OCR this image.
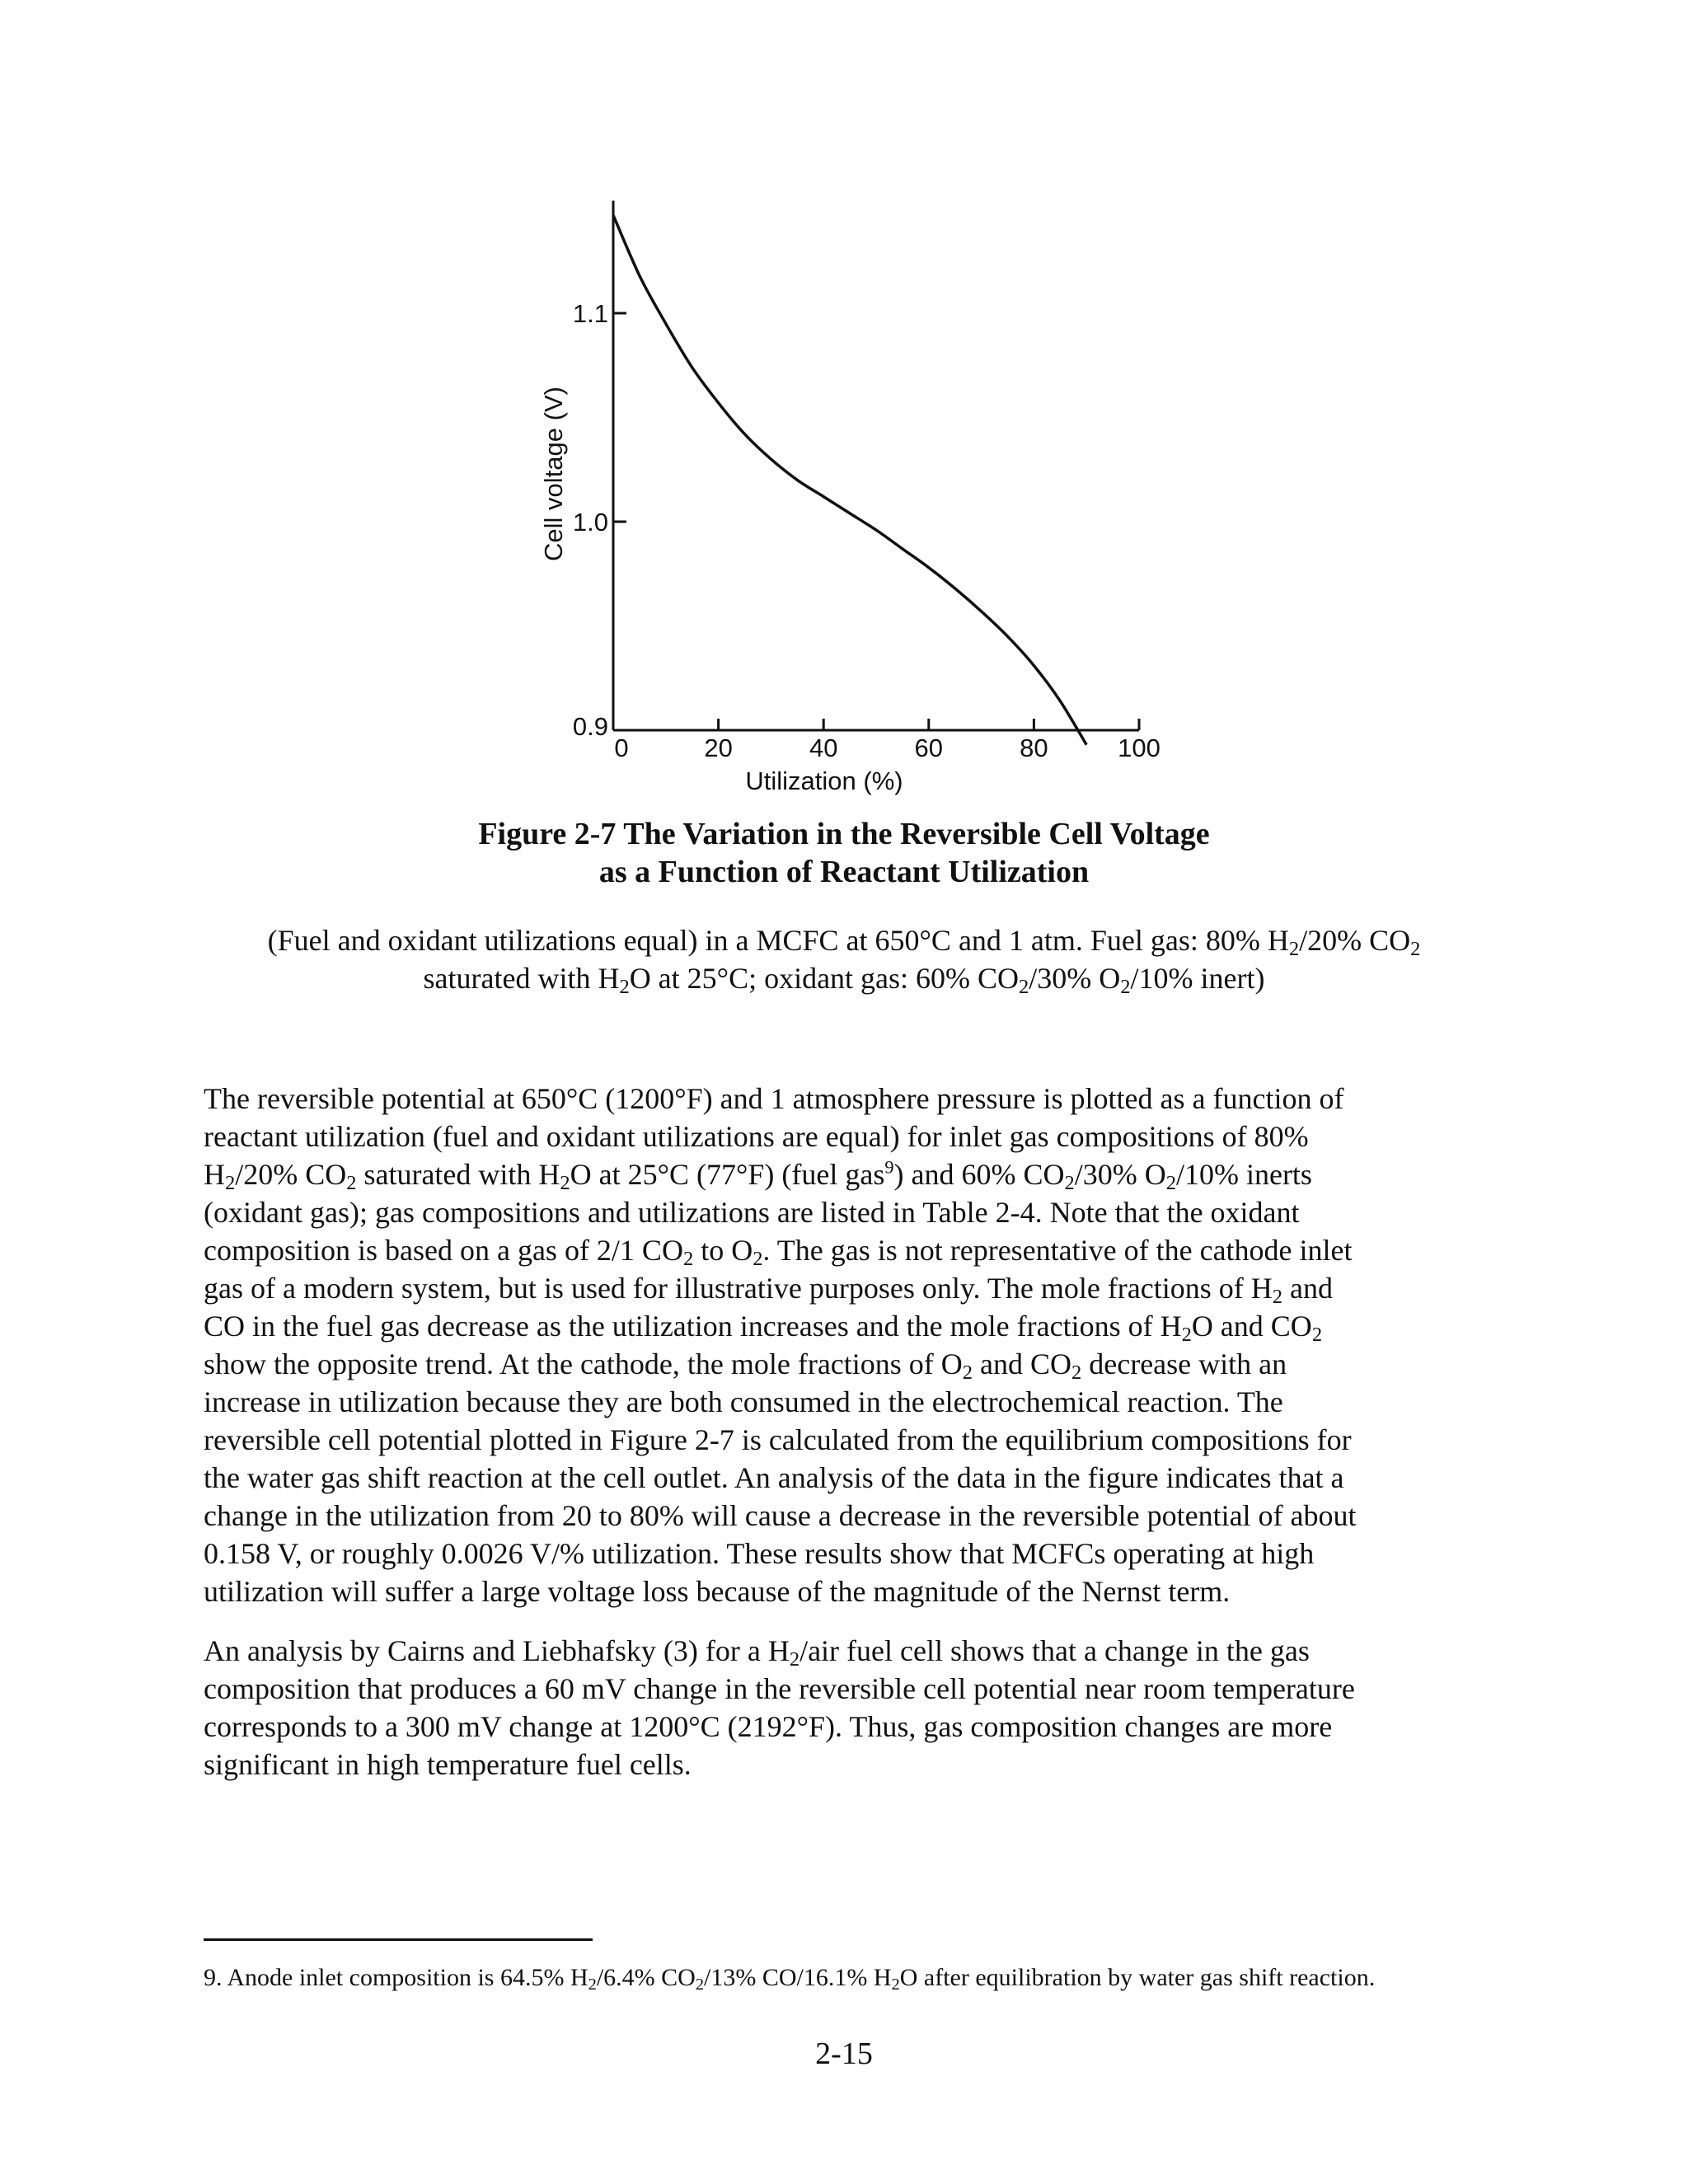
0	20	40	60	80	100
0.9
1.0
1.1
Utilization (%)
Cell voltage (V)
Figure 2-7 The Variation in the Reversible Cell Voltage
as a Function of Reactant Utilization
(Fuel and oxidant utilizations equal) in a MCFC at 650°C and 1 atm. Fuel gas: 80% $H_2/20\%$ $CO_2$
saturated with $H_2O$ at 25°C; oxidant gas: 60% $CO_2/30\%$ $O_2/10\%$ inert)
The reversible potential at 650°C (1200°F) and 1 atmosphere pressure is plotted as a function of
reactant utilization (fuel and oxidant utilizations are equal) for inlet gas compositions of 80%
$H_2/20\%$ $CO_2$ saturated with $H_2O$ at 25°C (77°F) (fuel gas$^9$) and 60% $CO_2/30\%$ $O_2/10\%$ inerts
(oxidant gas); gas compositions and utilizations are listed in Table 2-4. Note that the oxidant
composition is based on a gas of 2/1 $CO_2$ to $O_2$. The gas is not representative of the cathode inlet
gas of a modern system, but is used for illustrative purposes only. The mole fractions of $H_2$ and
CO in the fuel gas decrease as the utilization increases and the mole fractions of $H_2O$ and $CO_2$
show the opposite trend. At the cathode, the mole fractions of $O_2$ and $CO_2$ decrease with an
increase in utilization because they are both consumed in the electrochemical reaction. The
reversible cell potential plotted in Figure 2-7 is calculated from the equilibrium compositions for
the water gas shift reaction at the cell outlet. An analysis of the data in the figure indicates that a
change in the utilization from 20 to 80% will cause a decrease in the reversible potential of about
0.158 V, or roughly 0.0026 V/% utilization. These results show that MCFCs operating at high
utilization will suffer a large voltage loss because of the magnitude of the Nernst term.
An analysis by Cairns and Liebhafsky (3) for a $H_2$/air fuel cell shows that a change in the gas
composition that produces a 60 mV change in the reversible cell potential near room temperature
corresponds to a 300 mV change at 1200°C (2192°F). Thus, gas composition changes are more
significant in high temperature fuel cells.
9. Anode inlet composition is 64.5% $H_2/6.4\%$ $CO_2/13\%$ CO/16.1% $H_2O$ after equilibration by water gas shift reaction.
2-15
